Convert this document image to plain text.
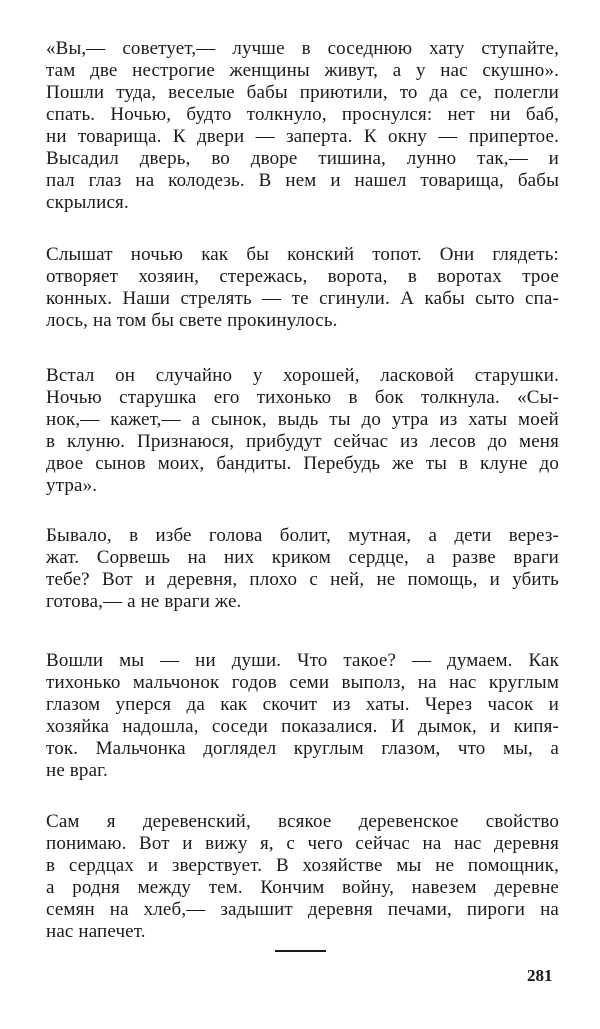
«Вы,— советует,— лучше в соседнюю хату ступайте,
там две нестрогие женщины живут, а у нас скушно».
Пошли туда, веселые бабы приютили, то да се, полегли
спать. Ночью, будто толкнуло, проснулся: нет ни баб,
ни товарища. К двери — заперта. К окну — припертое.
Высадил дверь, во дворе тишина, лунно так,— и
пал глаз на колодезь. В нем и нашел товарища, бабы
скрылися.
Слышат ночью как бы конский топот. Они глядеть:
отворяет хозяин, стережась, ворота, в воротах трое
конных. Наши стрелять — те сгинули. А кабы сыто спа-
лось, на том бы свете прокинулось.
Встал он случайно у хорошей, ласковой старушки.
Ночью старушка его тихонько в бок толкнула. «Сы-
нок,— кажет,— а сынок, выдь ты до утра из хаты моей
в клуню. Признаюся, прибудут сейчас из лесов до меня
двое сынов моих, бандиты. Перебудь же ты в клуне до
утра».
Бывало, в избе голова болит, мутная, а дети верез-
жат. Сорвешь на них криком сердце, а разве враги
тебе? Вот и деревня, плохо с ней, не помощь, и убить
готова,— а не враги же.
Вошли мы — ни души. Что такое? — думаем. Как
тихонько мальчонок годов семи выполз, на нас круглым
глазом уперся да как скочит из хаты. Через часок и
хозяйка надошла, соседи показалися. И дымок, и кипя-
ток. Мальчонка доглядел круглым глазом, что мы, а
не враг.
Сам я деревенский, всякое деревенское свойство
понимаю. Вот и вижу я, с чего сейчас на нас деревня
в сердцах и зверствует. В хозяйстве мы не помощник,
а родня между тем. Кончим войну, навезем деревне
семян на хлеб,— задышит деревня печами, пироги на
нас напечет.
281
